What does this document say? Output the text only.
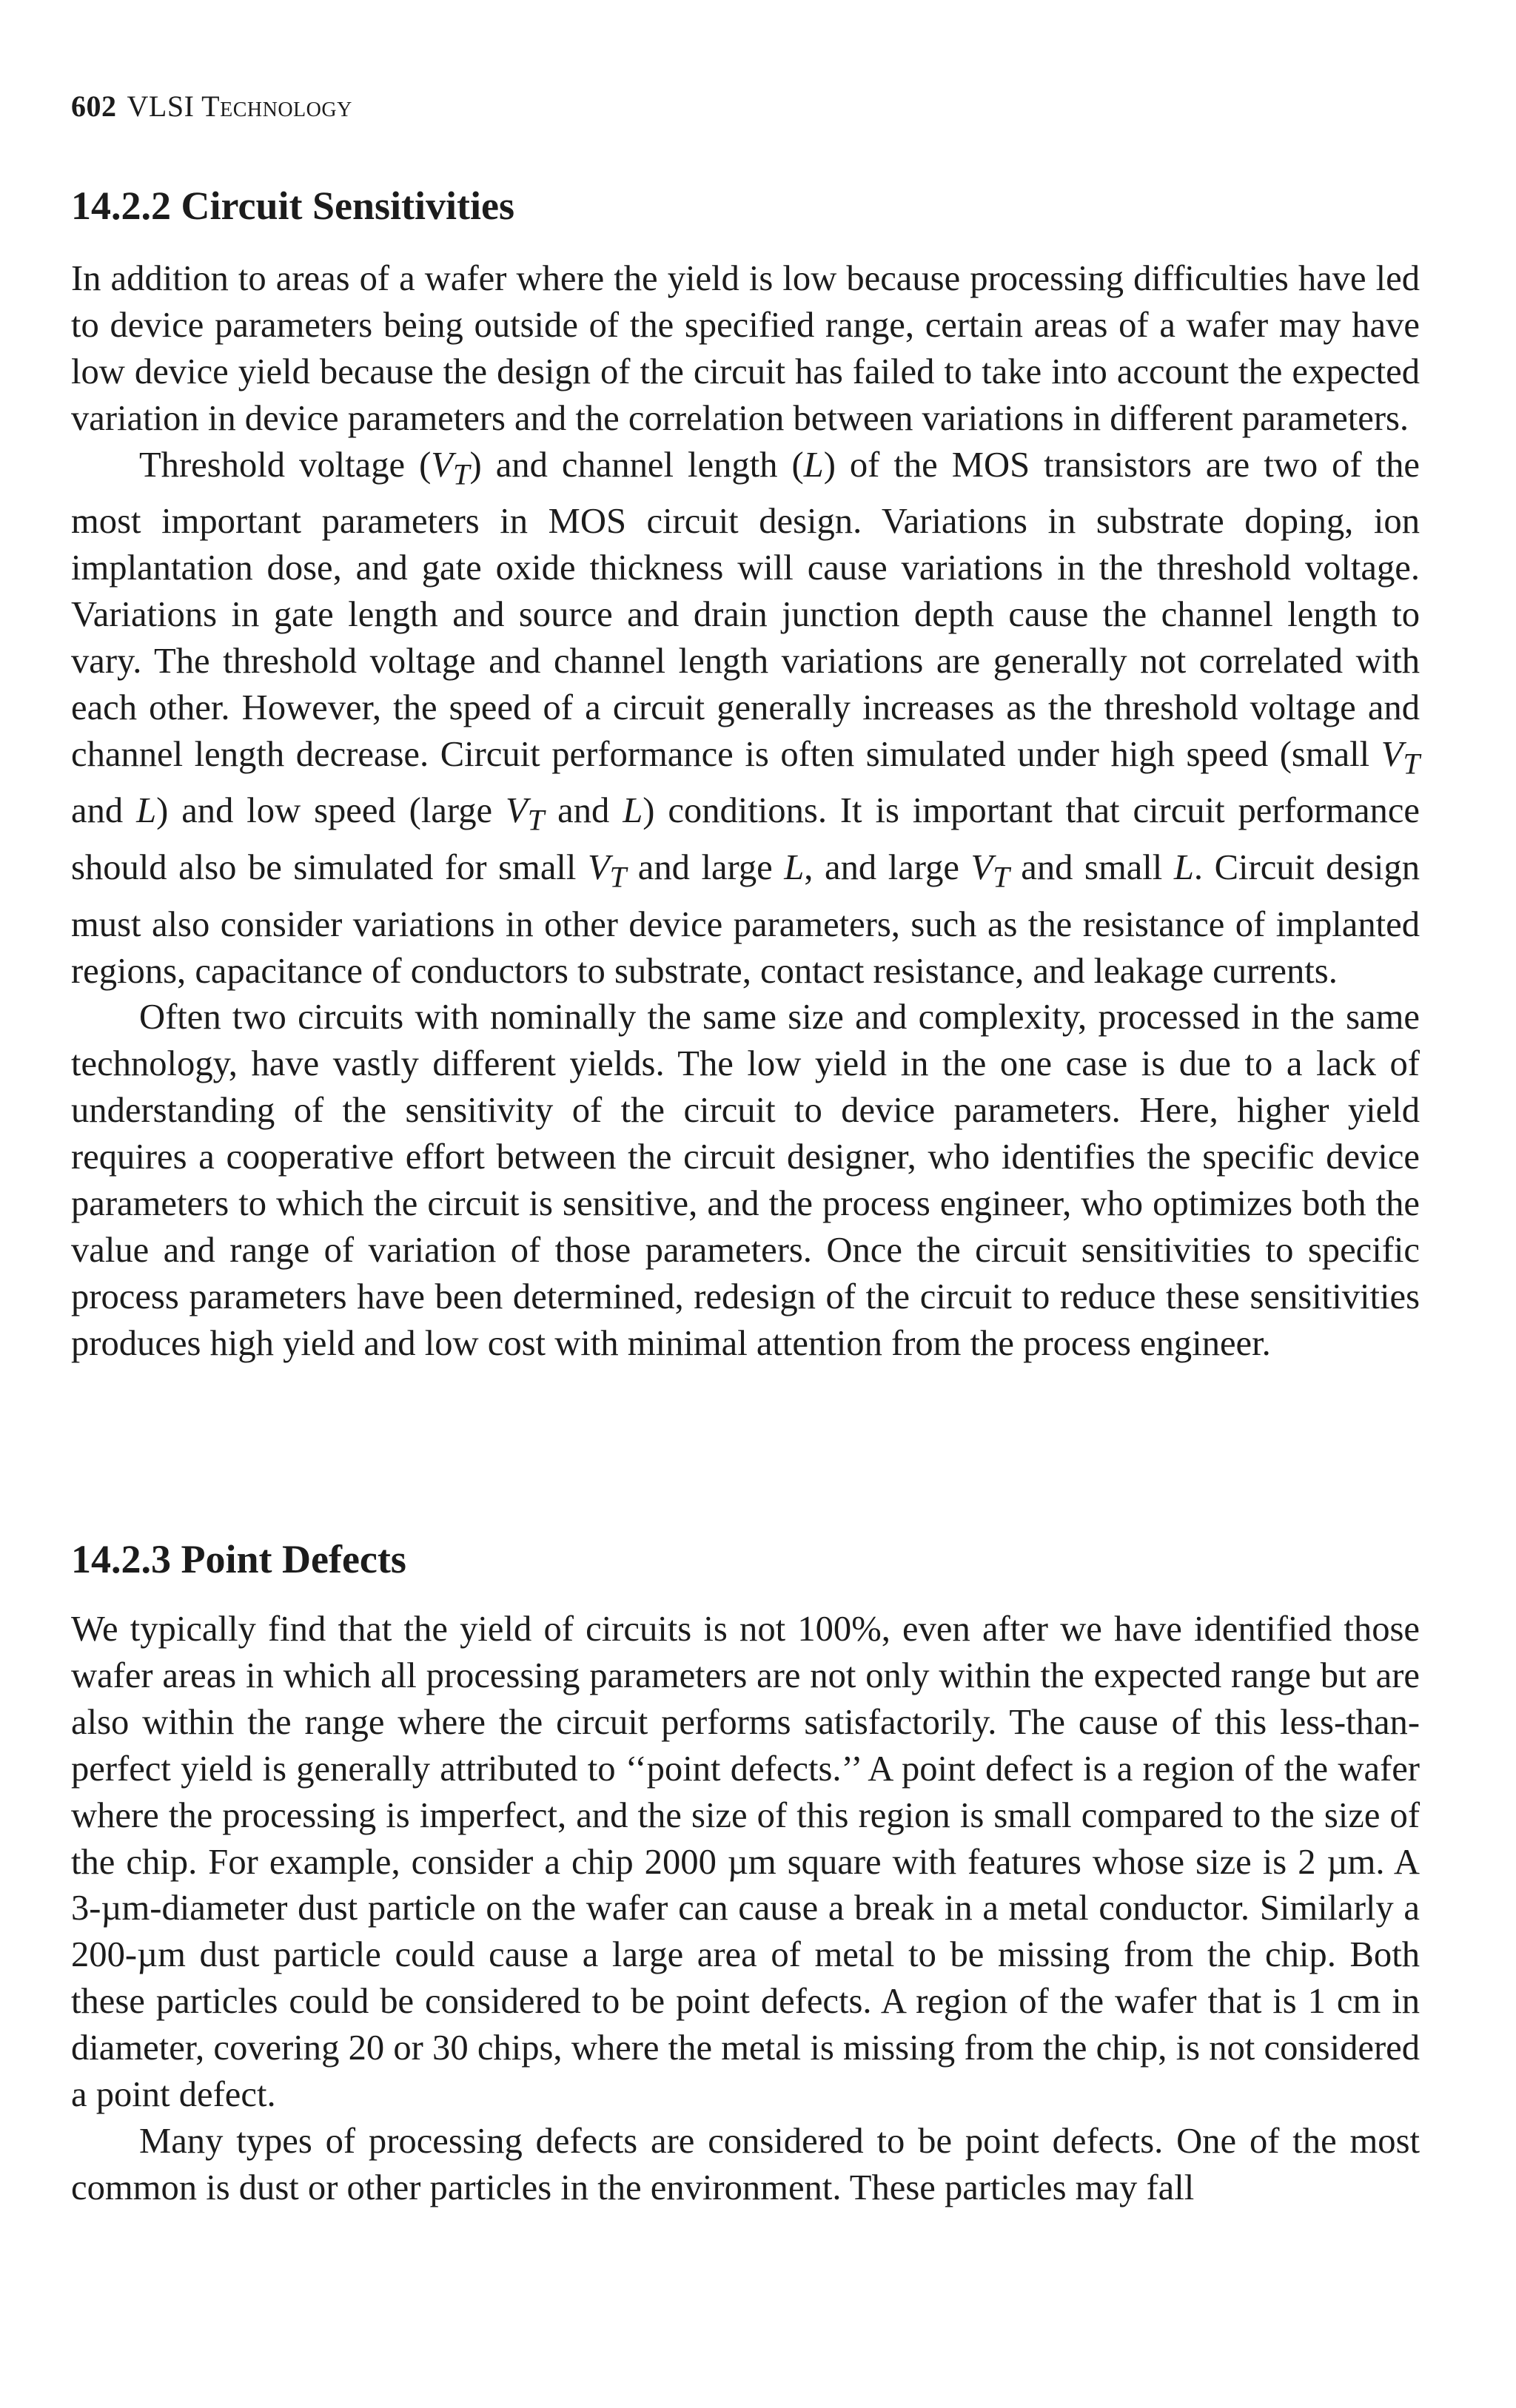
602 VLSI Technology
14.2.2 Circuit Sensitivities

In addition to areas of a wafer where the yield is low because processing difficulties have led to device parameters being outside of the specified range, certain areas of a wafer may have low device yield because the design of the circuit has failed to take into account the expected variation in device parameters and the correlation between variations in different parameters.

Threshold voltage $(V_T)$ and channel length (L) of the MOS transistors are two of the most important parameters in MOS circuit design. Variations in substrate doping, ion implantation dose, and gate oxide thickness will cause variations in the threshold voltage. Variations in gate length and source and drain junction depth cause the channel length to vary. The threshold voltage and channel length variations are generally not correlated with each other. However, the speed of a circuit generally increases as the threshold voltage and channel length decrease. Circuit performance is often simulated under high speed (small $V_T$ and L) and low speed (large $V_T$ and L) conditions. It is important that circuit performance should also be simulated for small $V_T$ and large L, and large $V_T$ and small L. Circuit design must also consider variations in other device parameters, such as the resistance of implanted regions, capacitance of conductors to substrate, contact resistance, and leakage currents.

Often two circuits with nominally the same size and complexity, processed in the same technology, have vastly different yields. The low yield in the one case is due to a lack of understanding of the sensitivity of the circuit to device parameters. Here, higher yield requires a cooperative effort between the circuit designer, who identifies the specific device parameters to which the circuit is sensitive, and the process engineer, who optimizes both the value and range of variation of those parameters. Once the circuit sensitivities to specific process parameters have been determined, redesign of the circuit to reduce these sensitivities produces high yield and low cost with minimal attention from the process engineer.

14.2.3 Point Defects

We typically find that the yield of circuits is not 100%, even after we have identified those wafer areas in which all processing parameters are not only within the expected range but are also within the range where the circuit performs satisfactorily. The cause of this less-than-perfect yield is generally attributed to ‘‘point defects.’’ A point defect is a region of the wafer where the processing is imperfect, and the size of this region is small compared to the size of the chip. For example, consider a chip 2000 µm square with features whose size is 2 µm. A 3-µm-diameter dust particle on the wafer can cause a break in a metal conductor. Similarly a 200-µm dust particle could cause a large area of metal to be missing from the chip. Both these particles could be considered to be point defects. A region of the wafer that is 1 cm in diameter, covering 20 or 30 chips, where the metal is missing from the chip, is not considered a point defect.

Many types of processing defects are considered to be point defects. One of the most common is dust or other particles in the environment. These particles may fall
